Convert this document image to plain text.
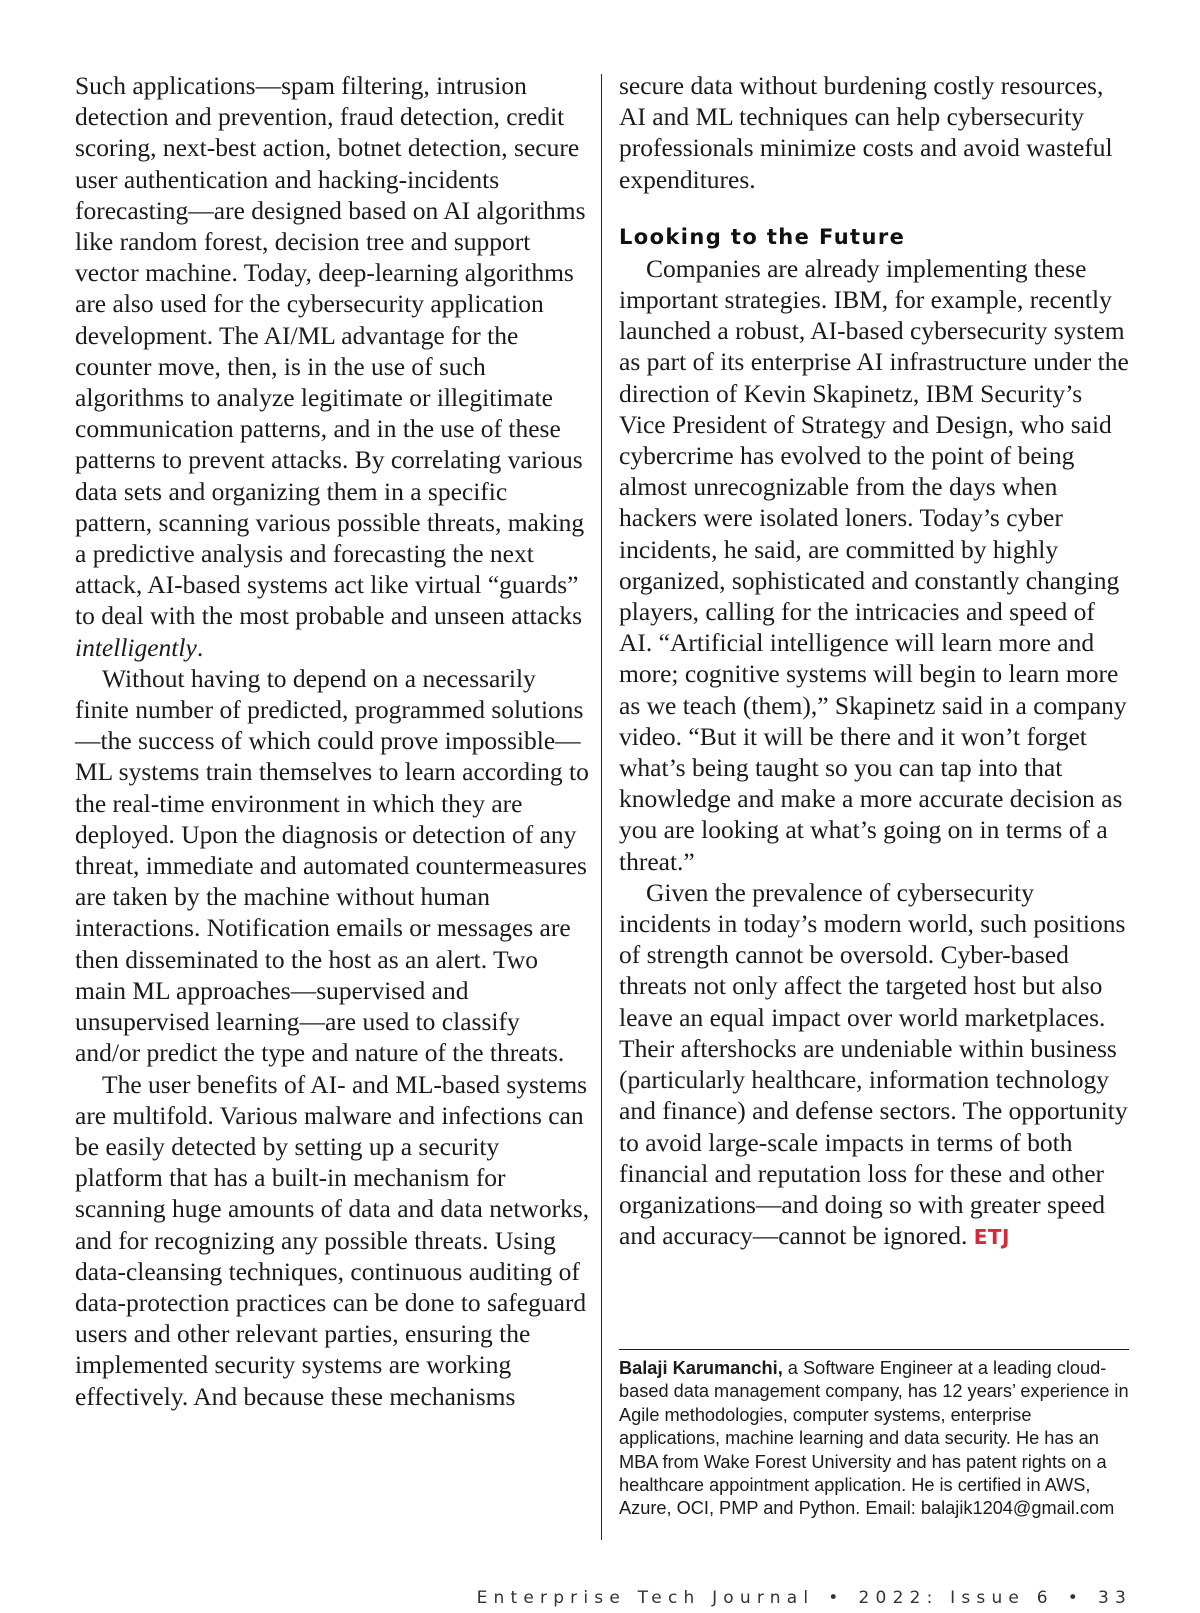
Such applications—spam filtering, intrusion detection and prevention, fraud detection, credit scoring, next-best action, botnet detection, secure user authentication and hacking-incidents forecasting—are designed based on AI algorithms like random forest, decision tree and support vector machine. Today, deep-learning algorithms are also used for the cybersecurity application development. The AI/ML advantage for the counter move, then, is in the use of such algorithms to analyze legitimate or illegitimate communication patterns, and in the use of these patterns to prevent attacks. By correlating various data sets and organizing them in a specific pattern, scanning various possible threats, making a predictive analysis and forecasting the next attack, AI-based systems act like virtual “guards” to deal with the most probable and unseen attacks intelligently.

Without having to depend on a necessarily finite number of predicted, programmed solutions—the success of which could prove impossible—ML systems train themselves to learn according to the real-time environment in which they are deployed. Upon the diagnosis or detection of any threat, immediate and automated countermeasures are taken by the machine without human interactions. Notification emails or messages are then disseminated to the host as an alert. Two main ML approaches—supervised and unsupervised learning—are used to classify and/or predict the type and nature of the threats.

The user benefits of AI- and ML-based systems are multifold. Various malware and infections can be easily detected by setting up a security platform that has a built-in mechanism for scanning huge amounts of data and data networks, and for recognizing any possible threats. Using data-cleansing techniques, continuous auditing of data-protection practices can be done to safeguard users and other relevant parties, ensuring the implemented security systems are working effectively. And because these mechanisms

secure data without burdening costly resources, AI and ML techniques can help cybersecurity professionals minimize costs and avoid wasteful expenditures.

Looking to the Future

Companies are already implementing these important strategies. IBM, for example, recently launched a robust, AI-based cybersecurity system as part of its enterprise AI infrastructure under the direction of Kevin Skapinetz, IBM Security’s Vice President of Strategy and Design, who said cybercrime has evolved to the point of being almost unrecognizable from the days when hackers were isolated loners. Today’s cyber incidents, he said, are committed by highly organized, sophisticated and constantly changing players, calling for the intricacies and speed of AI. “Artificial intelligence will learn more and more; cognitive systems will begin to learn more as we teach (them),” Skapinetz said in a company video. “But it will be there and it won’t forget what’s being taught so you can tap into that knowledge and make a more accurate decision as you are looking at what’s going on in terms of a threat.”

Given the prevalence of cybersecurity incidents in today’s modern world, such positions of strength cannot be oversold. Cyber-based threats not only affect the targeted host but also leave an equal impact over world marketplaces. Their aftershocks are undeniable within business (particularly healthcare, information technology and finance) and defense sectors. The opportunity to avoid large-scale impacts in terms of both financial and reputation loss for these and other organizations—and doing so with greater speed and accuracy—cannot be ignored. ETJ

Balaji Karumanchi, a Software Engineer at a leading cloud-based data management company, has 12 years’ experience in Agile methodologies, computer systems, enterprise applications, machine learning and data security. He has an MBA from Wake Forest University and has patent rights on a healthcare appointment application. He is certified in AWS, Azure, OCI, PMP and Python. Email: balajik1204@gmail.com
Enterprise Tech Journal • 2022: Issue 6 • 33
